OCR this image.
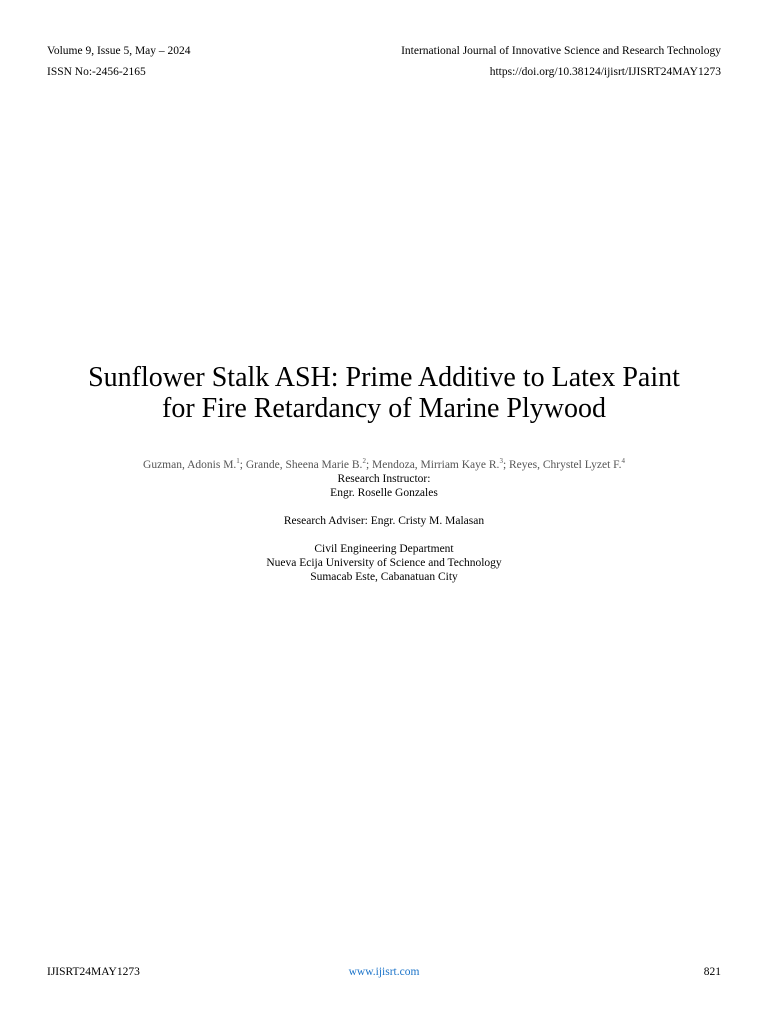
Volume 9, Issue 5, May – 2024
ISSN No:-2456-2165
International Journal of Innovative Science and Research Technology
https://doi.org/10.38124/ijisrt/IJISRT24MAY1273
Sunflower Stalk ASH: Prime Additive to Latex Paint
for Fire Retardancy of Marine Plywood
Guzman, Adonis M.$^1$; Grande, Sheena Marie B.$^2$; Mendoza, Mirriam Kaye R.$^3$; Reyes, Chrystel Lyzet F.$^4$
Research Instructor:
Engr. Roselle Gonzales
Research Adviser: Engr. Cristy M. Malasan
Civil Engineering Department
Nueva Ecija University of Science and Technology
Sumacab Este, Cabanatuan City
IJISRT24MAY1273	www.ijisrt.com	821
